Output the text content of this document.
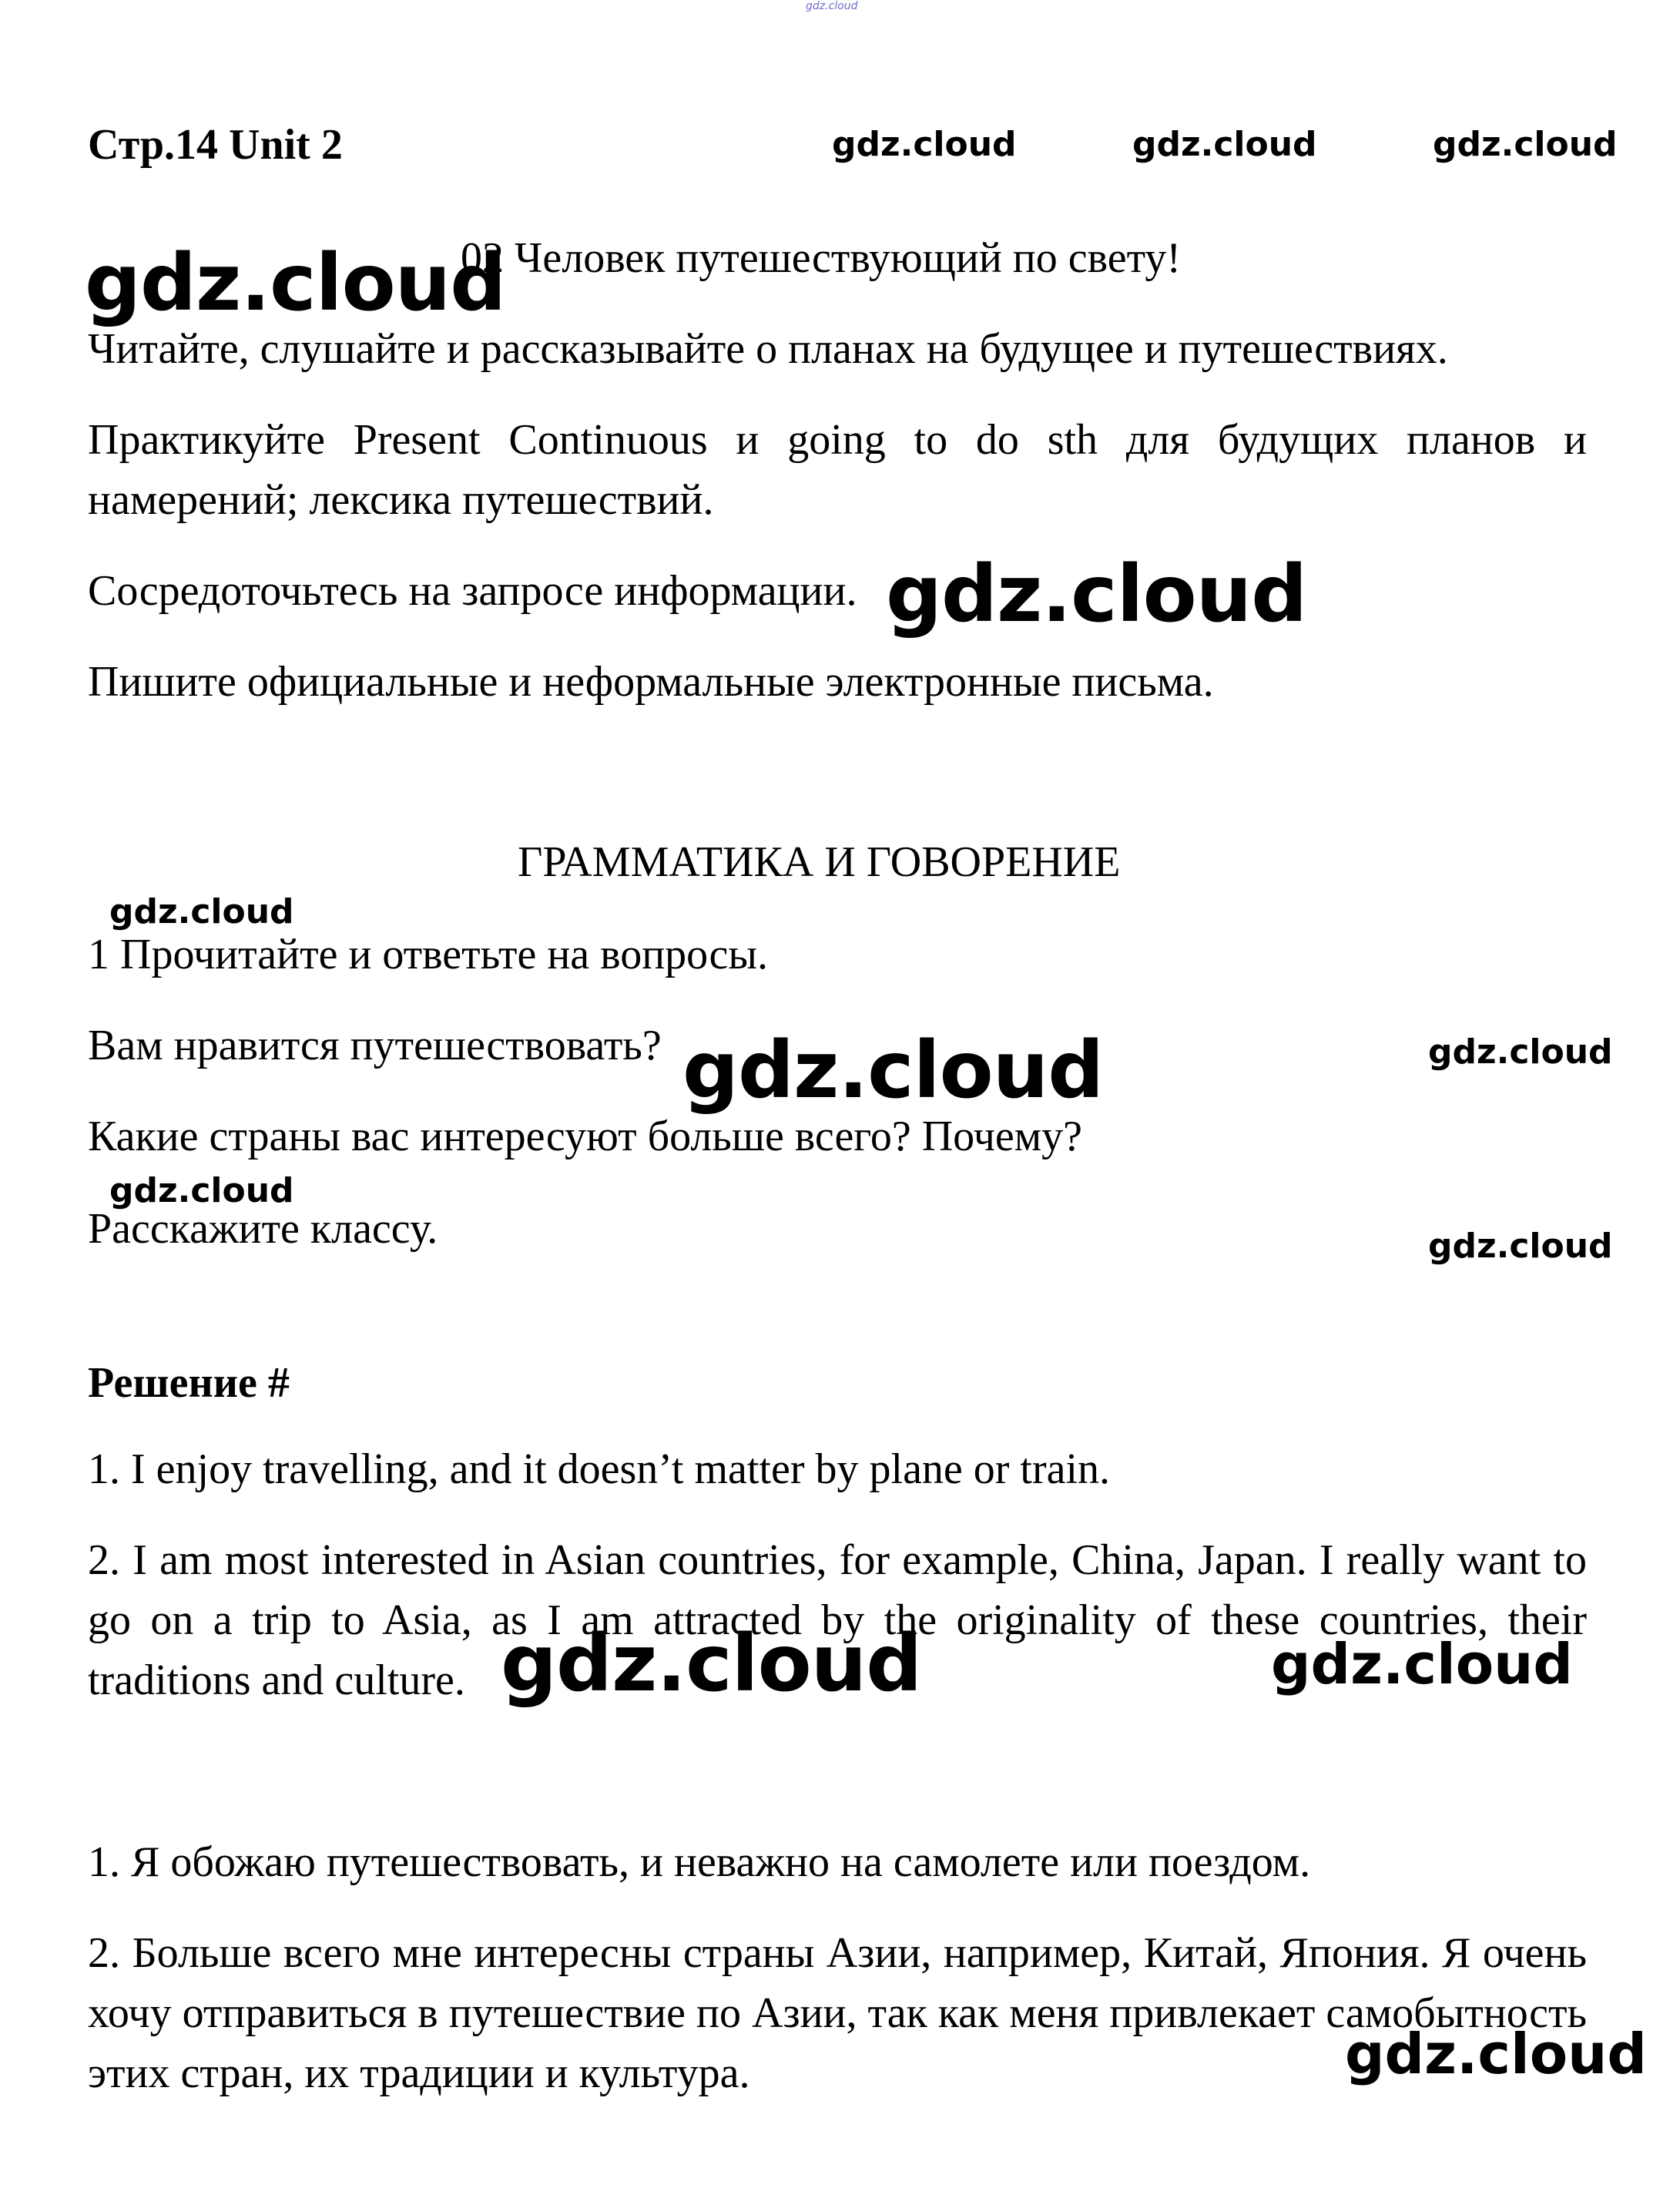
gdz.cloud
Стр.14 Unit 2	gdz.cloud	gdz.cloud	gdz.cloud
gdz.cloud
02 Человек путешествующий по свету!
Читайте, слушайте и рассказывайте о планах на будущее и путешествиях.
Практикуйте Present Continuous и going to do sth для будущих планов и намерений; лексика путешествий.
Сосредоточьтесь на запросе информации. gdz.cloud
Пишите официальные и неформальные электронные письма.
ГРАММАТИКА И ГОВОРЕНИЕ
gdz.cloud
1 Прочитайте и ответьте на вопросы.
Вам нравится путешествовать? gdz.cloud	gdz.cloud
Какие страны вас интересуют больше всего? Почему?
gdz.cloud
Расскажите классу.	gdz.cloud
Решение #
1. I enjoy travelling, and it doesn’t matter by plane or train.
2. I am most interested in Asian countries, for example, China, Japan. I really want to go on a trip to Asia, as I am attracted by the originality of these countries, their traditions and culture. gdz.cloud	gdz.cloud
1. Я обожаю путешествовать, и неважно на самолете или поездом.
2. Больше всего мне интересны страны Азии, например, Китай, Япония. Я очень хочу отправиться в путешествие по Азии, так как меня привлекает самобытность этих стран, их традиции и культура.	gdz.cloud
